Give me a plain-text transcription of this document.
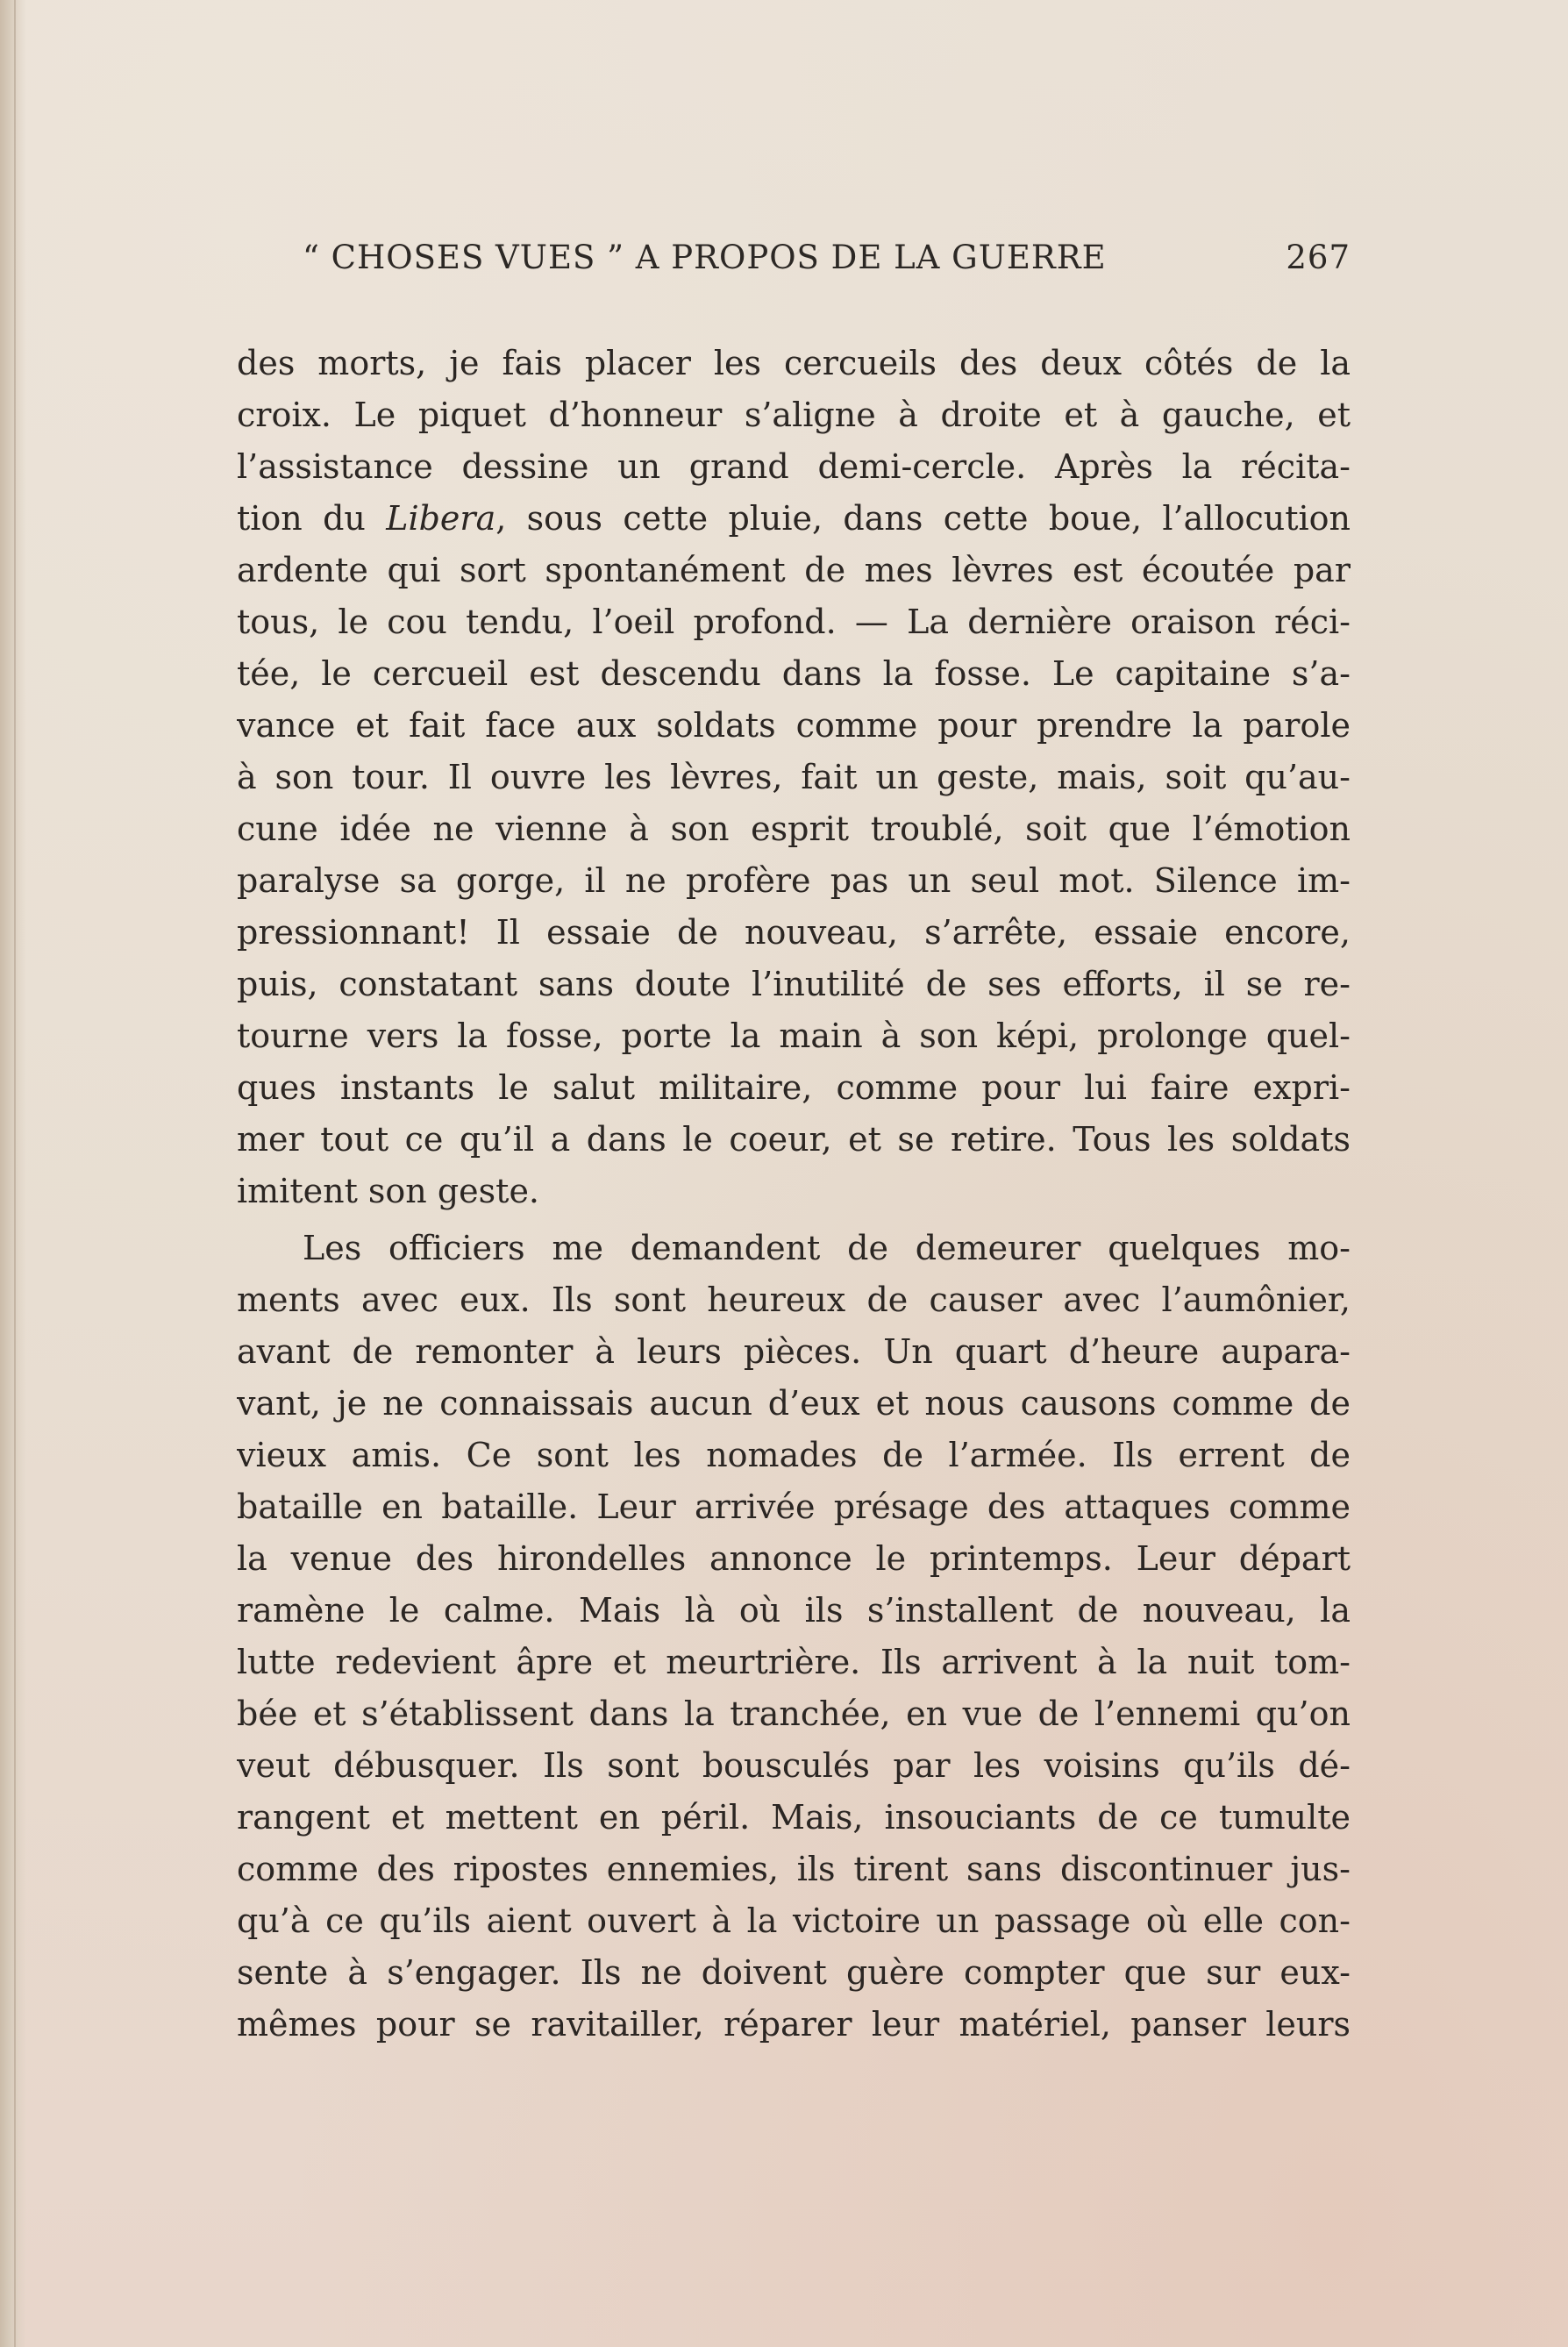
“ CHOSES VUES ” A PROPOS DE LA GUERRE	267
des morts, je fais placer les cercueils des deux côtés de la
croix. Le piquet d’honneur s’aligne à droite et à gauche, et
l’assistance dessine un grand demi-cercle. Après la récita-
tion du Libera, sous cette pluie, dans cette boue, l’allocution
ardente qui sort spontanément de mes lèvres est écoutée par
tous, le cou tendu, l’oeil profond. — La dernière oraison réci-
tée, le cercueil est descendu dans la fosse. Le capitaine s’a-
vance et fait face aux soldats comme pour prendre la parole
à son tour. Il ouvre les lèvres, fait un geste, mais, soit qu’au-
cune idée ne vienne à son esprit troublé, soit que l’émotion
paralyse sa gorge, il ne profère pas un seul mot. Silence im-
pressionnant! Il essaie de nouveau, s’arrête, essaie encore,
puis, constatant sans doute l’inutilité de ses efforts, il se re-
tourne vers la fosse, porte la main à son képi, prolonge quel-
ques instants le salut militaire, comme pour lui faire expri-
mer tout ce qu’il a dans le coeur, et se retire. Tous les soldats
imitent son geste.
Les officiers me demandent de demeurer quelques mo-
ments avec eux. Ils sont heureux de causer avec l’aumônier,
avant de remonter à leurs pièces. Un quart d’heure aupara-
vant, je ne connaissais aucun d’eux et nous causons comme de
vieux amis. Ce sont les nomades de l’armée. Ils errent de
bataille en bataille. Leur arrivée présage des attaques comme
la venue des hirondelles annonce le printemps. Leur départ
ramène le calme. Mais là où ils s’installent de nouveau, la
lutte redevient âpre et meurtrière. Ils arrivent à la nuit tom-
bée et s’établissent dans la tranchée, en vue de l’ennemi qu’on
veut débusquer. Ils sont bousculés par les voisins qu’ils dé-
rangent et mettent en péril. Mais, insouciants de ce tumulte
comme des ripostes ennemies, ils tirent sans discontinuer jus-
qu’à ce qu’ils aient ouvert à la victoire un passage où elle con-
sente à s’engager. Ils ne doivent guère compter que sur eux-
mêmes pour se ravitailler, réparer leur matériel, panser leurs
